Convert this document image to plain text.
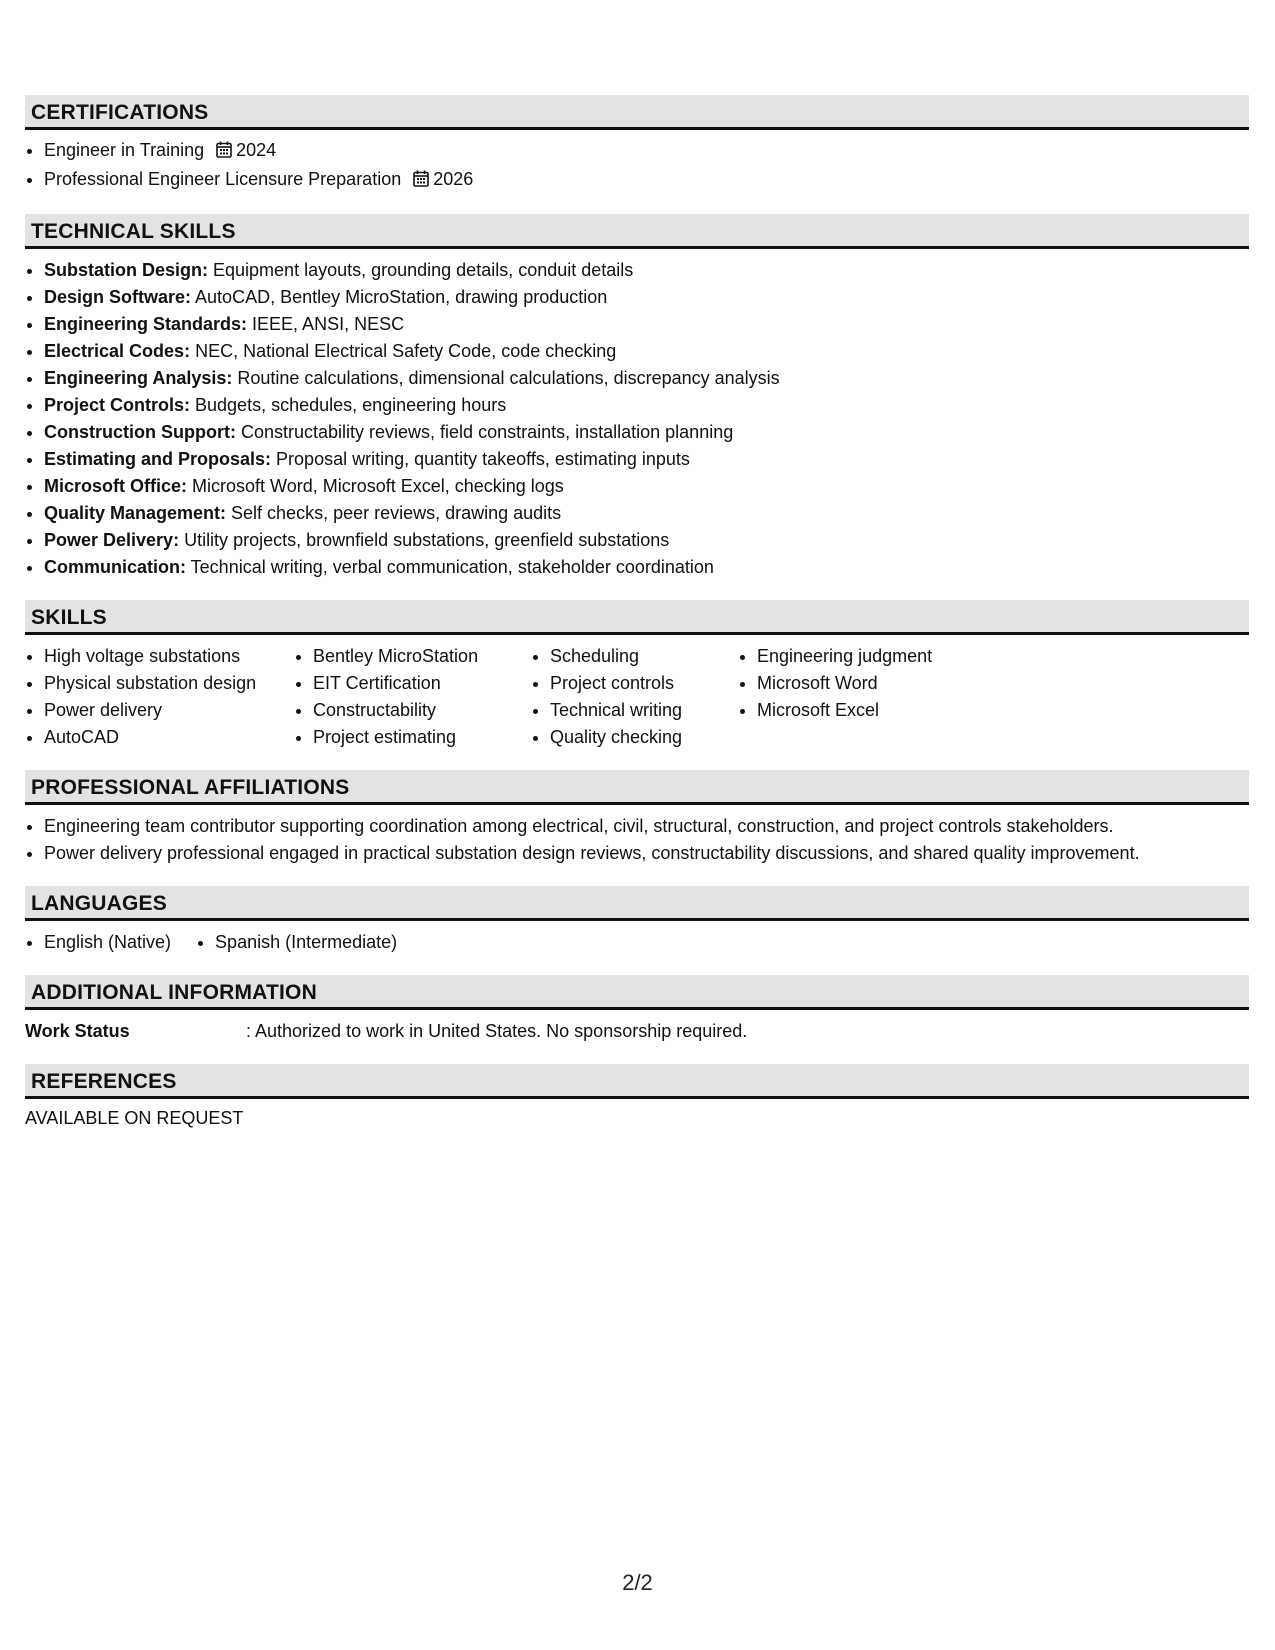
CERTIFICATIONS
• Engineer in Training 2024
• Professional Engineer Licensure Preparation 2026
TECHNICAL SKILLS
• Substation Design: Equipment layouts, grounding details, conduit details
• Design Software: AutoCAD, Bentley MicroStation, drawing production
• Engineering Standards: IEEE, ANSI, NESC
• Electrical Codes: NEC, National Electrical Safety Code, code checking
• Engineering Analysis: Routine calculations, dimensional calculations, discrepancy analysis
• Project Controls: Budgets, schedules, engineering hours
• Construction Support: Constructability reviews, field constraints, installation planning
• Estimating and Proposals: Proposal writing, quantity takeoffs, estimating inputs
• Microsoft Office: Microsoft Word, Microsoft Excel, checking logs
• Quality Management: Self checks, peer reviews, drawing audits
• Power Delivery: Utility projects, brownfield substations, greenfield substations
• Communication: Technical writing, verbal communication, stakeholder coordination
SKILLS
• High voltage substations
• Physical substation design
• Power delivery
• AutoCAD
• Bentley MicroStation
• EIT Certification
• Constructability
• Project estimating
• Scheduling
• Project controls
• Technical writing
• Quality checking
• Engineering judgment
• Microsoft Word
• Microsoft Excel
PROFESSIONAL AFFILIATIONS
• Engineering team contributor supporting coordination among electrical, civil, structural, construction, and project controls stakeholders.
• Power delivery professional engaged in practical substation design reviews, constructability discussions, and shared quality improvement.
LANGUAGES
• English (Native)
• Spanish (Intermediate)
ADDITIONAL INFORMATION
Work Status	: Authorized to work in United States. No sponsorship required.
REFERENCES
AVAILABLE ON REQUEST
2/2
